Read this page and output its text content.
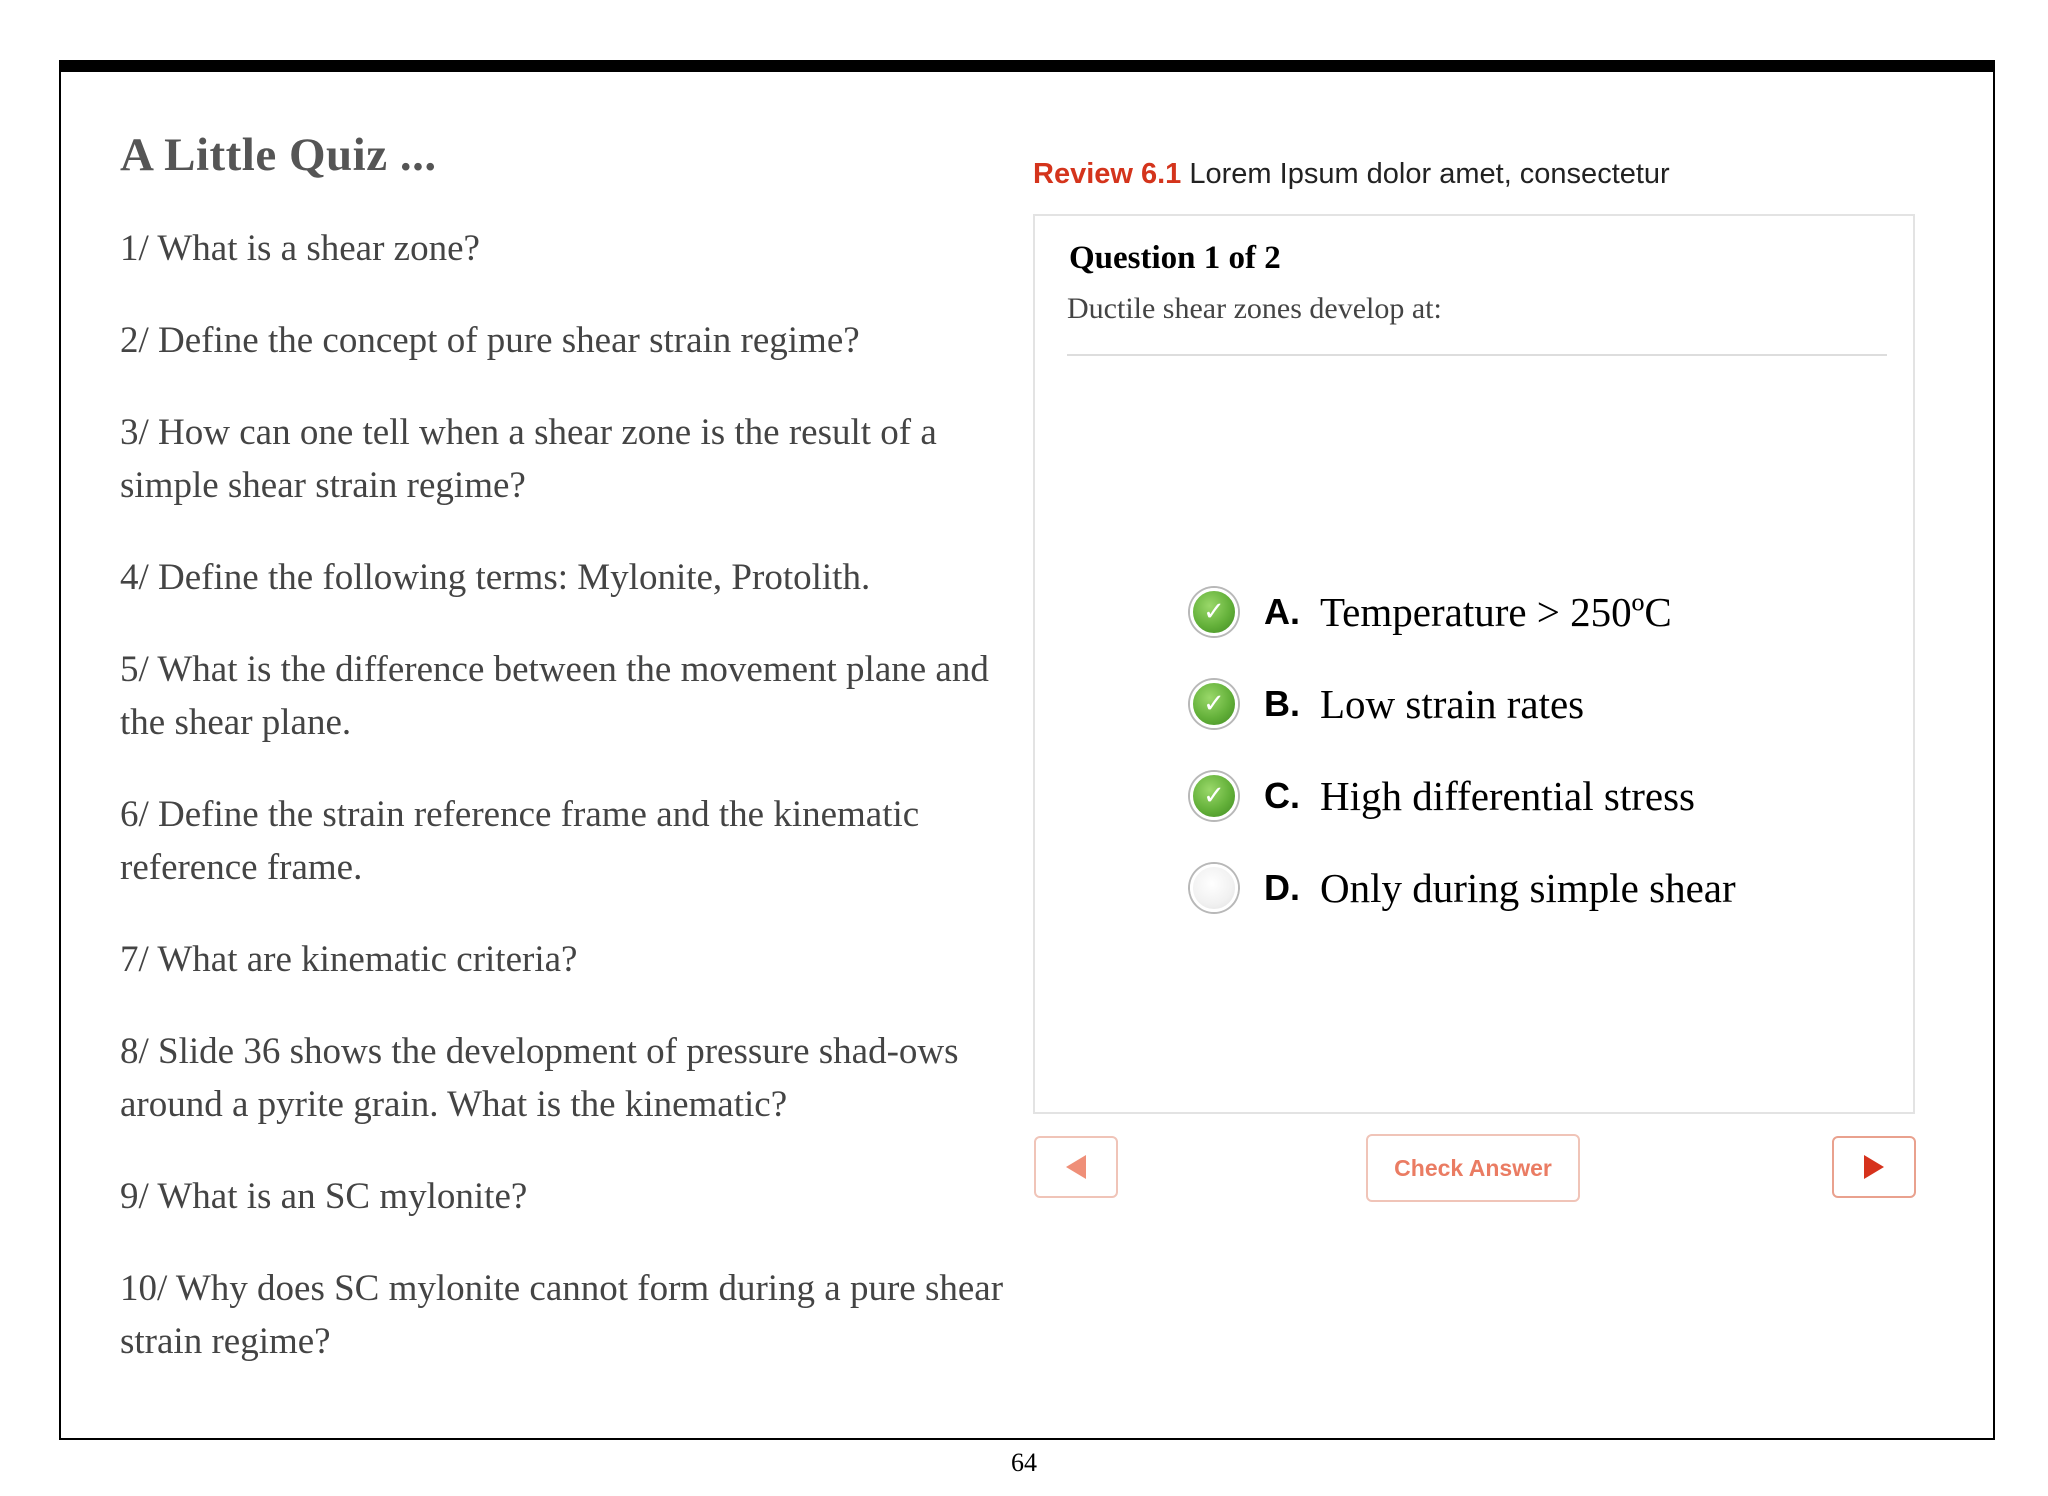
A Little Quiz ...
1/ What is a shear zone?
2/ Define the concept of pure shear strain regime?
3/ How can one tell when a shear zone is the result of a simple shear strain regime?
4/ Define the following terms: Mylonite, Protolith.
5/ What is the difference between the movement plane and the shear plane.
6/ Define the strain reference frame and the kinematic reference frame.
7/ What are kinematic criteria?
8/ Slide 36 shows the development of pressure shad-ows around a pyrite grain. What is the kinematic?
9/ What is an SC mylonite?
10/ Why does SC mylonite cannot form during a pure shear strain regime?
Review 6.1 Lorem Ipsum dolor amet, consectetur
Question 1 of 2
Ductile shear zones develop at:
✓ A. Temperature > 250ºC
✓ B. Low strain rates
✓ C. High differential stress
D. Only during simple shear
Check Answer
64
